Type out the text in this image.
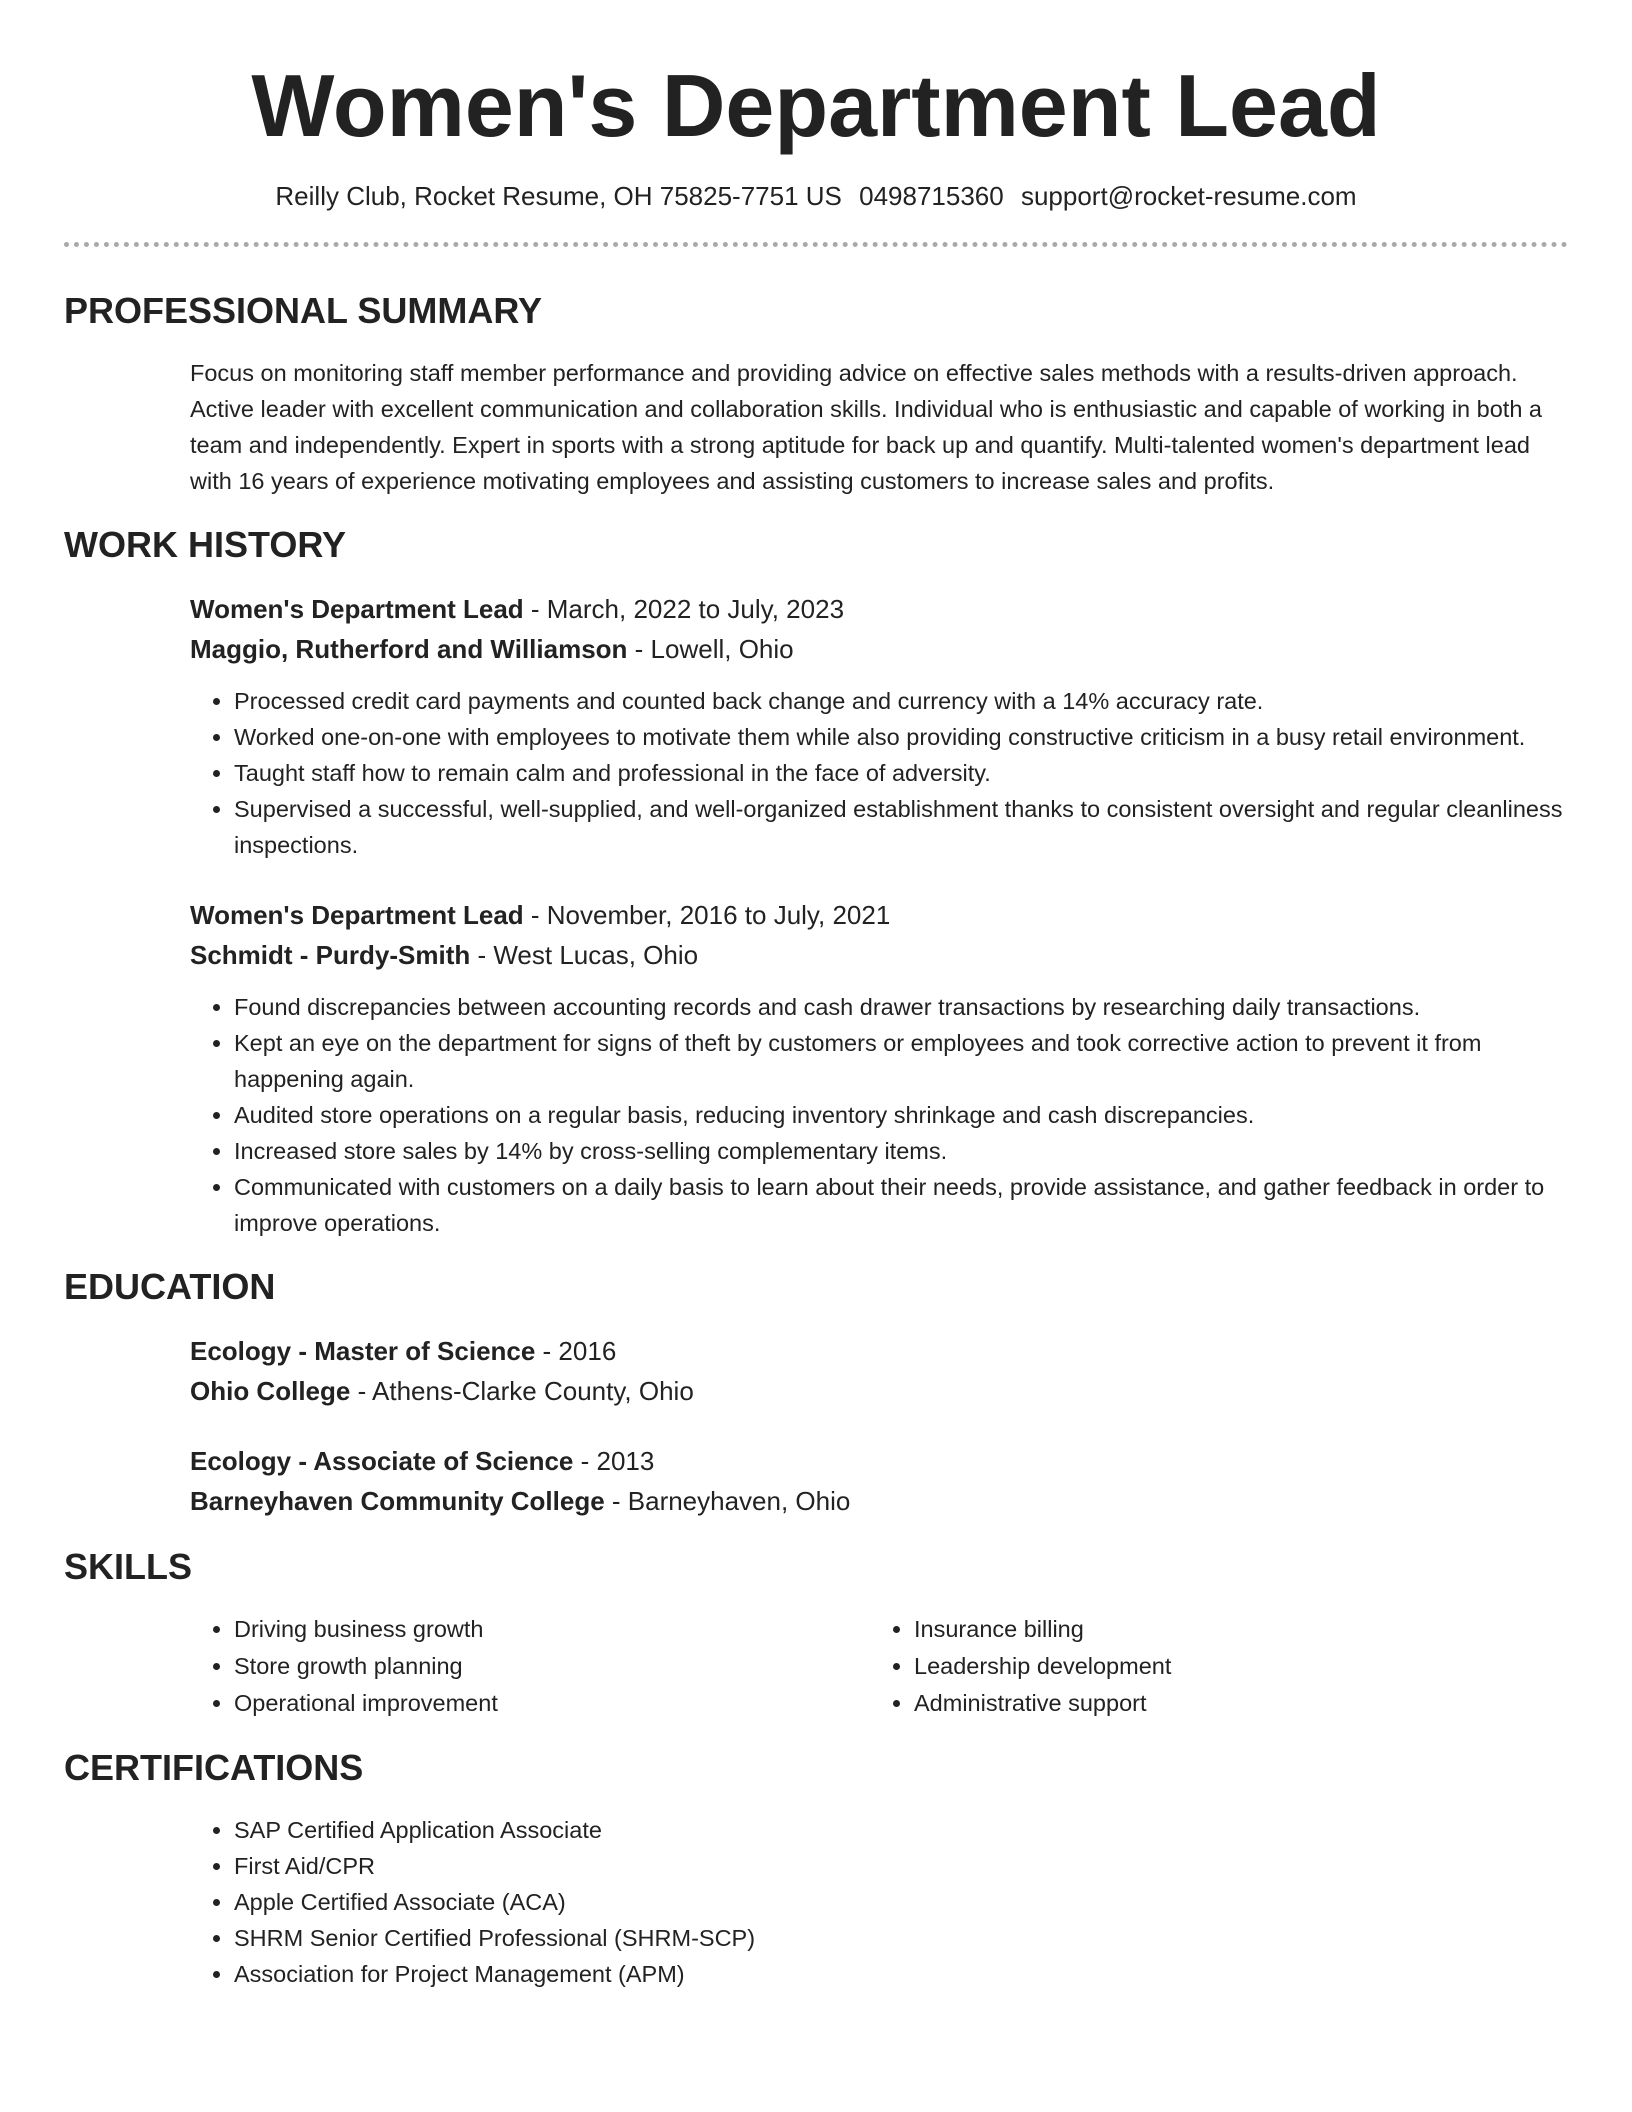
Women's Department Lead
Reilly Club, Rocket Resume, OH 75825-7751 US 0498715360 support@rocket-resume.com
PROFESSIONAL SUMMARY

Focus on monitoring staff member performance and providing advice on effective sales methods with a results-driven approach. Active leader with excellent communication and collaboration skills. Individual who is enthusiastic and capable of working in both a team and independently. Expert in sports with a strong aptitude for back up and quantify. Multi-talented women's department lead with 16 years of experience motivating employees and assisting customers to increase sales and profits.

WORK HISTORY
Women's Department Lead - March, 2022 to July, 2023
Maggio, Rutherford and Williamson - Lowell, Ohio
• Processed credit card payments and counted back change and currency with a 14% accuracy rate.
• Worked one-on-one with employees to motivate them while also providing constructive criticism in a busy retail environment.
• Taught staff how to remain calm and professional in the face of adversity.
• Supervised a successful, well-supplied, and well-organized establishment thanks to consistent oversight and regular cleanliness inspections.
Women's Department Lead - November, 2016 to July, 2021
Schmidt - Purdy-Smith - West Lucas, Ohio
• Found discrepancies between accounting records and cash drawer transactions by researching daily transactions.
• Kept an eye on the department for signs of theft by customers or employees and took corrective action to prevent it from happening again.
• Audited store operations on a regular basis, reducing inventory shrinkage and cash discrepancies.
• Increased store sales by 14% by cross-selling complementary items.
• Communicated with customers on a daily basis to learn about their needs, provide assistance, and gather feedback in order to improve operations.
EDUCATION
Ecology - Master of Science - 2016
Ohio College - Athens-Clarke County, Ohio
Ecology - Associate of Science - 2013
Barneyhaven Community College - Barneyhaven, Ohio
SKILLS
• Driving business growth
• Store growth planning
• Operational improvement
• Insurance billing
• Leadership development
• Administrative support
CERTIFICATIONS
• SAP Certified Application Associate
• First Aid/CPR
• Apple Certified Associate (ACA)
• SHRM Senior Certified Professional (SHRM-SCP)
• Association for Project Management (APM)
